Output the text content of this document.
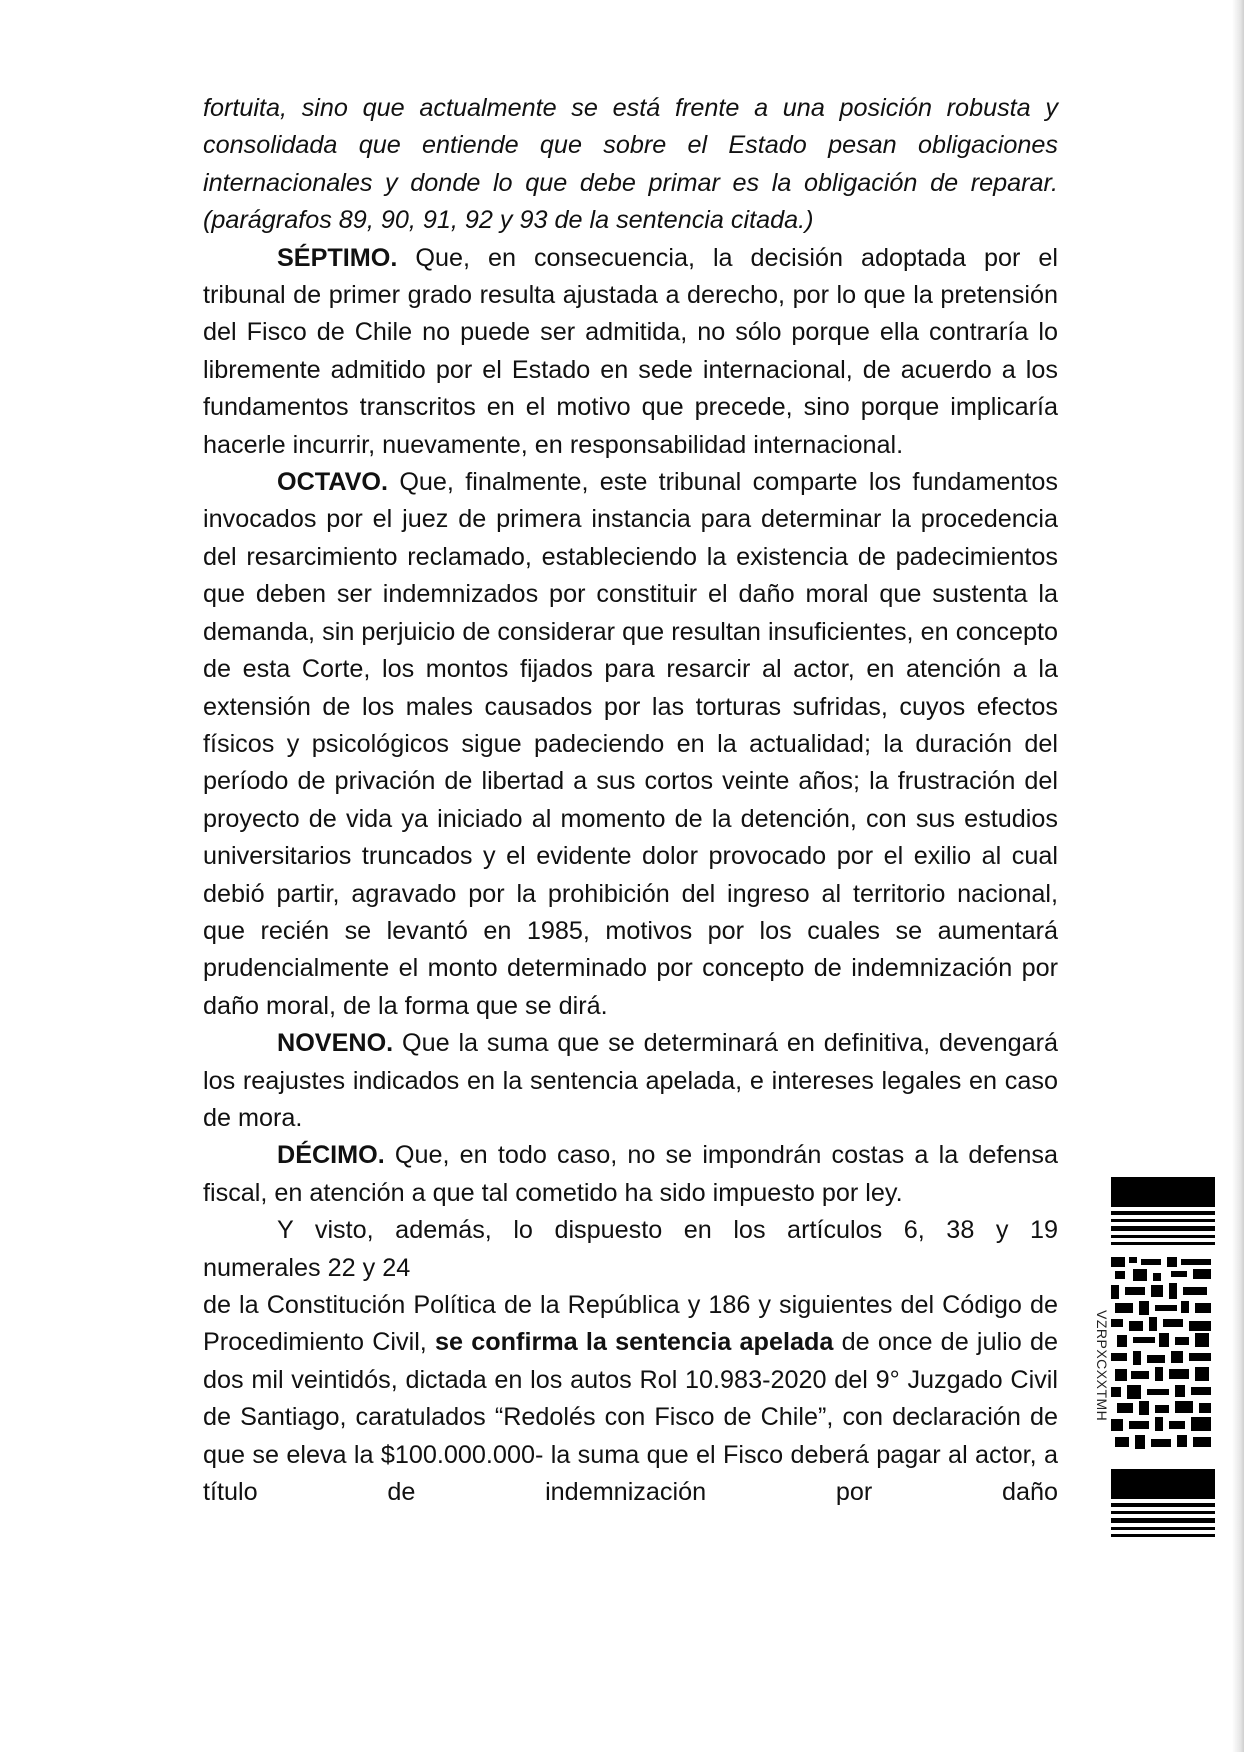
fortuita, sino que actualmente se está frente a una posición robusta y
consolidada que entiende que sobre el Estado pesan obligaciones
internacionales y donde lo que debe primar es la obligación de reparar.

(parágrafos 89, 90, 91, 92 y 93 de la sentencia citada.)

SÉPTIMO. Que, en consecuencia, la decisión adoptada por el tribunal de primer grado resulta ajustada a derecho, por lo que la pretensión del Fisco de Chile no puede ser admitida, no sólo porque ella contraría lo libremente admitido por el Estado en sede internacional, de acuerdo a los fundamentos transcritos en el motivo que precede, sino porque implicaría hacerle incurrir, nuevamente, en responsabilidad internacional.

OCTAVO. Que, finalmente, este tribunal comparte los fundamentos invocados por el juez de primera instancia para determinar la procedencia del resarcimiento reclamado, estableciendo la existencia de padecimientos que deben ser indemnizados por constituir el daño moral que sustenta la demanda, sin perjuicio de considerar que resultan insuficientes, en concepto de esta Corte, los montos fijados para resarcir al actor, en atención a la extensión de los males causados por las torturas sufridas, cuyos efectos físicos y psicológicos sigue padeciendo en la actualidad; la duración del período de privación de libertad a sus cortos veinte años; la frustración del proyecto de vida ya iniciado al momento de la detención, con sus estudios universitarios truncados y el evidente dolor provocado por el exilio al cual debió partir, agravado por la prohibición del ingreso al territorio nacional, que recién se levantó en 1985, motivos por los cuales se aumentará prudencialmente el monto determinado por concepto de indemnización por daño moral, de la forma que se dirá.

NOVENO. Que la suma que se determinará en definitiva, devengará los reajustes indicados en la sentencia apelada, e intereses legales en caso de mora.

DÉCIMO. Que, en todo caso, no se impondrán costas a la defensa fiscal, en atención a que tal cometido ha sido impuesto por ley.

Y visto, además, lo dispuesto en los artículos 6, 38 y 19

numerales 22 y 24

de la Constitución Política de la República y 186 y siguientes del Código de Procedimiento Civil, se confirma la sentencia apelada de once de julio de dos mil veintidós, dictada en los autos Rol 10.983-2020 del 9° Juzgado Civil de Santiago, caratulados “Redolés con Fisco de Chile”, con declaración de que se eleva la $100.000.000- la suma que el Fisco deberá pagar al actor, a título de indemnización por daño

VZRPXCXXTMH
